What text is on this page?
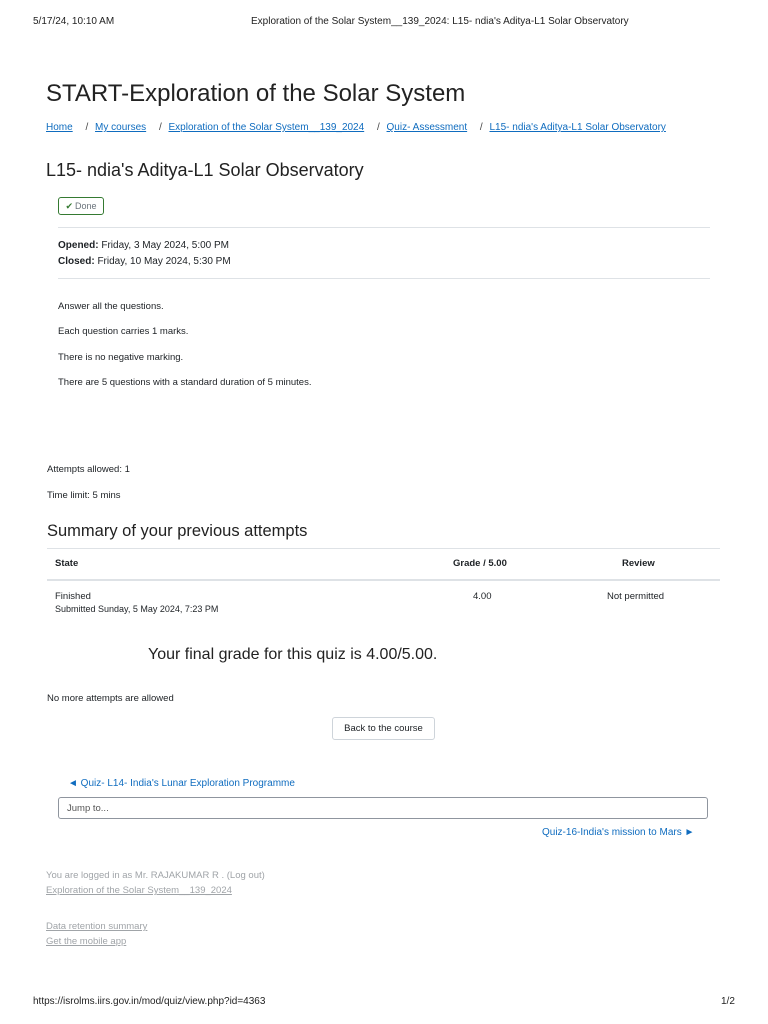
5/17/24, 10:10 AM	Exploration of the Solar System__139_2024: L15- ndia's Aditya-L1 Solar Observatory
START-Exploration of the Solar System
Home / My courses / Exploration of the Solar System__139_2024 / Quiz- Assessment / L15- ndia's Aditya-L1 Solar Observatory
L15- ndia's Aditya-L1 Solar Observatory
✔ Done
Opened: Friday, 3 May 2024, 5:00 PM
Closed: Friday, 10 May 2024, 5:30 PM
Answer all the questions.
Each question carries 1 marks.
There is no negative marking.
There are 5 questions with a standard duration of 5 minutes.
Attempts allowed: 1
Time limit: 5 mins
Summary of your previous attempts
State	Grade / 5.00	Review
Finished
Submitted Sunday, 5 May 2024, 7:23 PM
4.00	Not permitted
Your final grade for this quiz is 4.00/5.00.
No more attempts are allowed
Back to the course
◄ Quiz- L14- India's Lunar Exploration Programme
Jump to...
Quiz-16-India's mission to Mars ►
You are logged in as Mr. RAJAKUMAR R . (Log out)
Exploration of the Solar System__139_2024
Data retention summary
Get the mobile app
https://isrolms.iirs.gov.in/mod/quiz/view.php?id=4363	1/2
